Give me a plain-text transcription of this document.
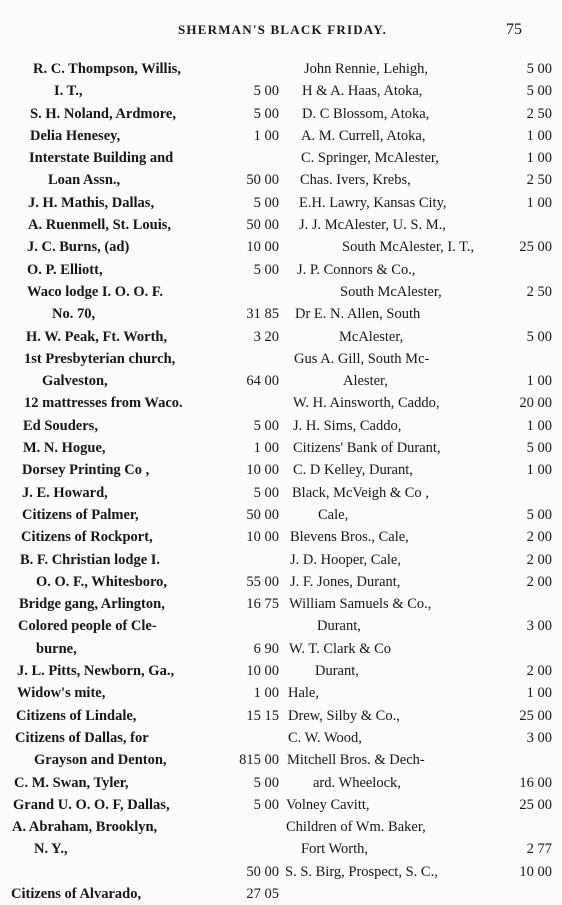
SHERMAN'S BLACK FRIDAY.	75
R. C. Thompson, Willis,
I. T.,	5 00
S. H. Noland, Ardmore,	5 00
Delia Henesey,	1 00
Interstate Building and
Loan Assn.,	50 00
J. H. Mathis, Dallas,	5 00
A. Ruenmell, St. Louis,	50 00
J. C. Burns, (ad)	10 00
O. P. Elliott,	5 00
Waco lodge I. O. O. F.
No. 70,	31 85
H. W. Peak, Ft. Worth,	3 20
1st Presbyterian church,
Galveston,	64 00
12 mattresses from Waco.
Ed Souders,	5 00
M. N. Hogue,	1 00
Dorsey Printing Co ,	10 00
J. E. Howard,	5 00
Citizens of Palmer,	50 00
Citizens of Rockport,	10 00
B. F. Christian lodge I.
O. O. F., Whitesboro,	55 00
Bridge gang, Arlington,	16 75
Colored people of Cle-
burne,	6 90
J. L. Pitts, Newborn, Ga.,	10 00
Widow's mite,	1 00
Citizens of Lindale,	15 15
Citizens of Dallas, for
Grayson and Denton,	815 00
C. M. Swan, Tyler,	5 00
Grand U. O. O. F, Dallas,	5 00
A. Abraham, Brooklyn,
N. Y.,
50 00
Citizens of Alvarado,	27 05
John Rennie, Lehigh,	5 00
H & A. Haas, Atoka,	5 00
D. C Blossom, Atoka,	2 50
A. M. Currell, Atoka,	1 00
C. Springer, McAlester,	1 00
Chas. Ivers, Krebs,	2 50
E.H. Lawry, Kansas City,	1 00
J. J. McAlester, U. S. M.,
South McAlester, I. T.,	25 00
J. P. Connors & Co.,
South McAlester,	2 50
Dr E. N. Allen, South
McAlester,	5 00
Gus A. Gill, South Mc-
Alester,	1 00
W. H. Ainsworth, Caddo,	20 00
J. H. Sims, Caddo,	1 00
Citizens' Bank of Durant,	5 00
C. D Kelley, Durant,	1 00
Black, McVeigh & Co ,
Cale,	5 00
Blevens Bros., Cale,	2 00
J. D. Hooper, Cale,	2 00
J. F. Jones, Durant,	2 00
William Samuels & Co.,
Durant,	3 00
W. T. Clark & Co
Durant,	2 00
Hale,	1 00
Drew, Silby & Co.,	25 00
C. W. Wood,	3 00
Mitchell Bros. & Dech-
ard. Wheelock,	16 00
Volney Cavitt,	25 00
Children of Wm. Baker,
Fort Worth,	2 77
S. S. Birg, Prospect, S. C.,	10 00
